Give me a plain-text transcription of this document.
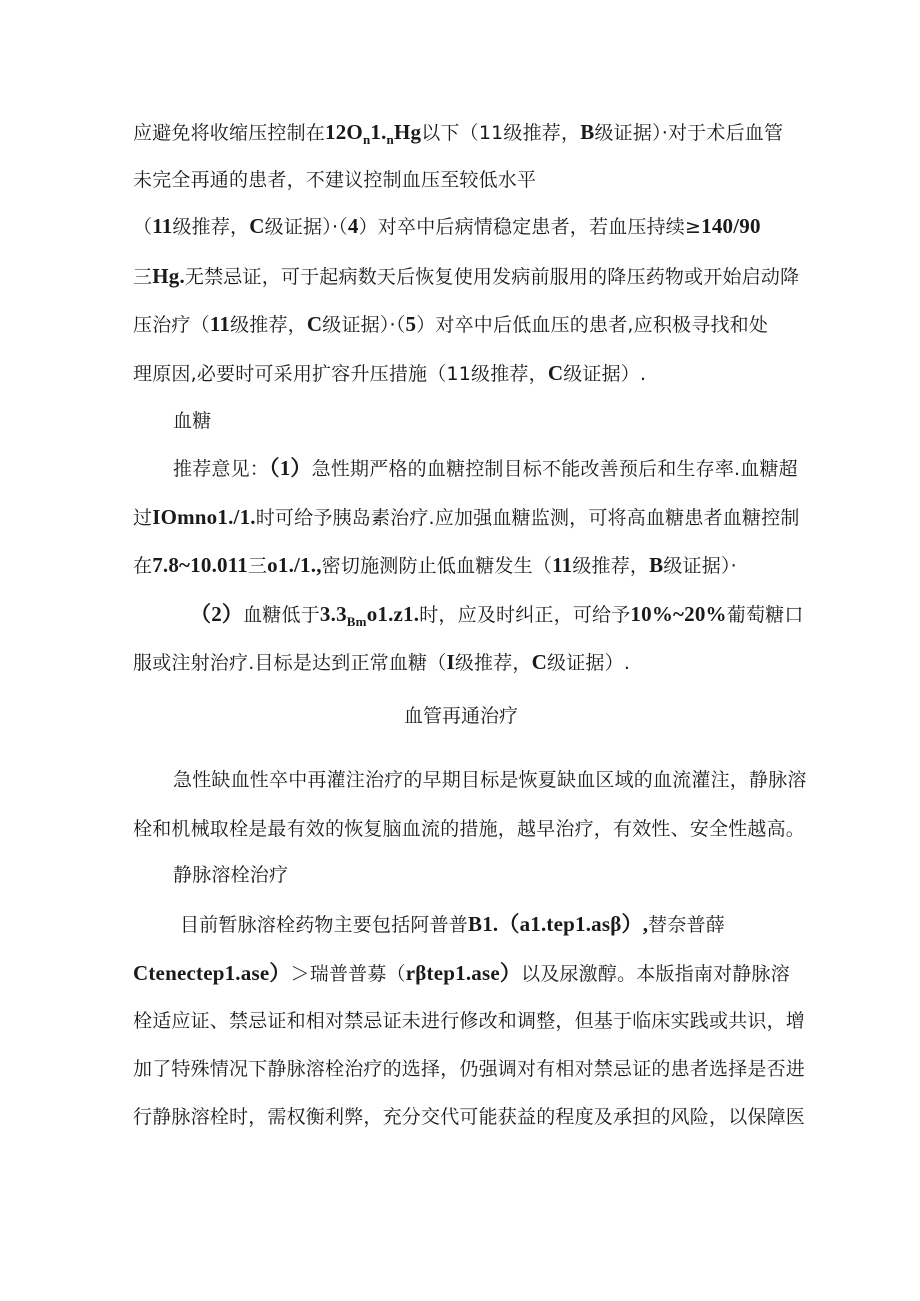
应避免将收缩压控制在$12O_n1._nHg$以下（11级推荐，B级证据）·对于术后血管
未完全再通的患者，不建议控制血压至较低水平
（11级推荐，C级证据）·（4）对卒中后病情稳定患者，若血压持续≥140/90
三Hg.无禁忌证，可于起病数天后恢复使用发病前服用的降压药物或开始启动降
压治疗（11级推荐，C级证据）·（5）对卒中后低血压的患者,应积极寻找和处
理原因,必要时可采用扩容升压措施（11级推荐，C级证据）.
血糖
推荐意见：（1）急性期严格的血糖控制目标不能改善预后和生存率.血糖超
过IOmno1./1.时可给予胰岛素治疗.应加强血糖监测，可将高血糖患者血糖控制
在7.8~10.011三o1./1.,密切施测防止低血糖发生（11级推荐，B级证据）·
（2）血糖低于$3.3_{Bm}o1.z1$.时，应及时纠正，可给予10%~20%葡萄糖口
服或注射治疗.目标是达到正常血糖（I级推荐，C级证据）.
血管再通治疗
急性缺血性卒中再灌注治疗的早期目标是恢夏缺血区域的血流灌注，静脉溶
栓和机械取栓是最有效的恢复脑血流的措施，越早治疗，有效性、安全性越高。
静脉溶栓治疗
目前暂脉溶栓药物主要包括阿普普B1.（a1.tep1.asβ）,替奈普薛
Ctenectep1.ase）＞瑞普普募（rβtep1.ase）以及尿激醇。本版指南对静脉溶
栓适应证、禁忌证和相对禁忌证未进行修改和调整，但基于临床实践或共识，增
加了特殊情况下静脉溶栓治疗的选择，仍强调对有相对禁忌证的患者选择是否进
行静脉溶栓时，需权衡利弊，充分交代可能获益的程度及承担的风险，以保障医
